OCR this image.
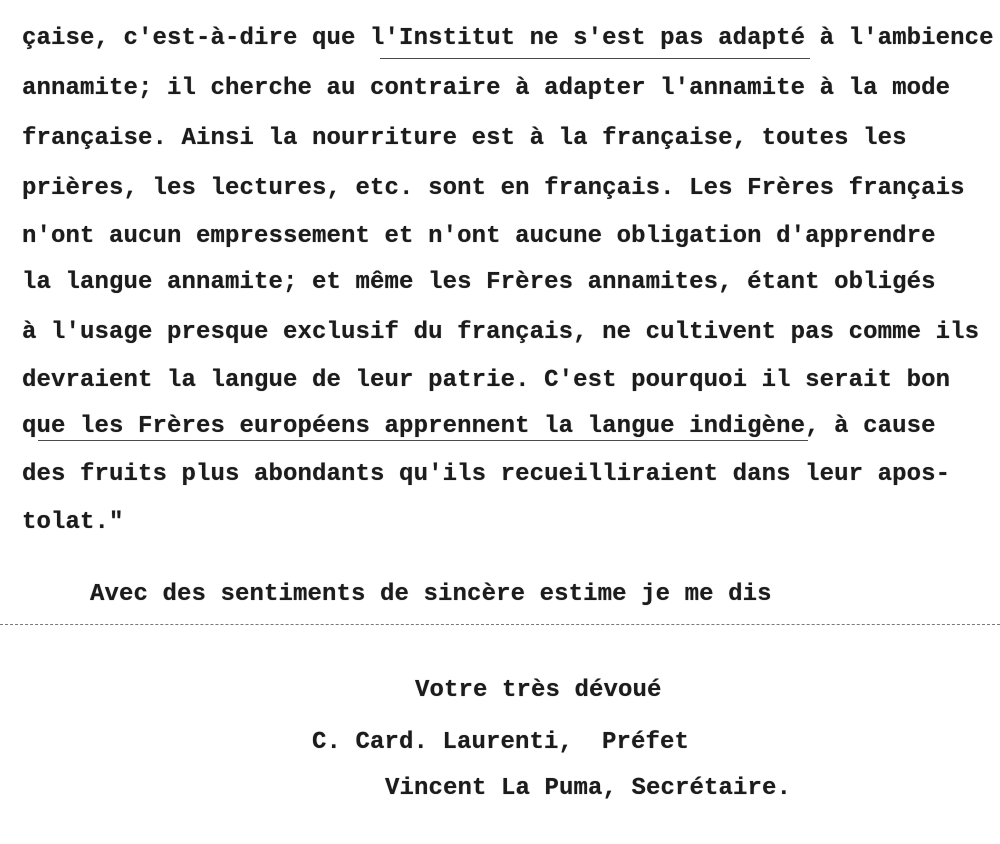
çaise, c'est-à-dire que l'Institut ne s'est pas adapté à l'ambience
annamite; il cherche au contraire à adapter l'annamite à la mode
française. Ainsi la nourriture est à la française, toutes les
prières, les lectures, etc. sont en français. Les Frères français
n'ont aucun empressement et n'ont aucune obligation d'apprendre
la langue annamite; et même les Frères annamites, étant obligés
à l'usage presque exclusif du français, ne cultivent pas comme ils
devraient la langue de leur patrie. C'est pourquoi il serait bon
que les Frères européens apprennent la langue indigène, à cause
des fruits plus abondants qu'ils recueilliraient dans leur apos-
tolat."
Avec des sentiments de sincère estime je me dis
Votre très dévoué
C. Card. Laurenti,  Préfet
Vincent La Puma, Secrétaire.
